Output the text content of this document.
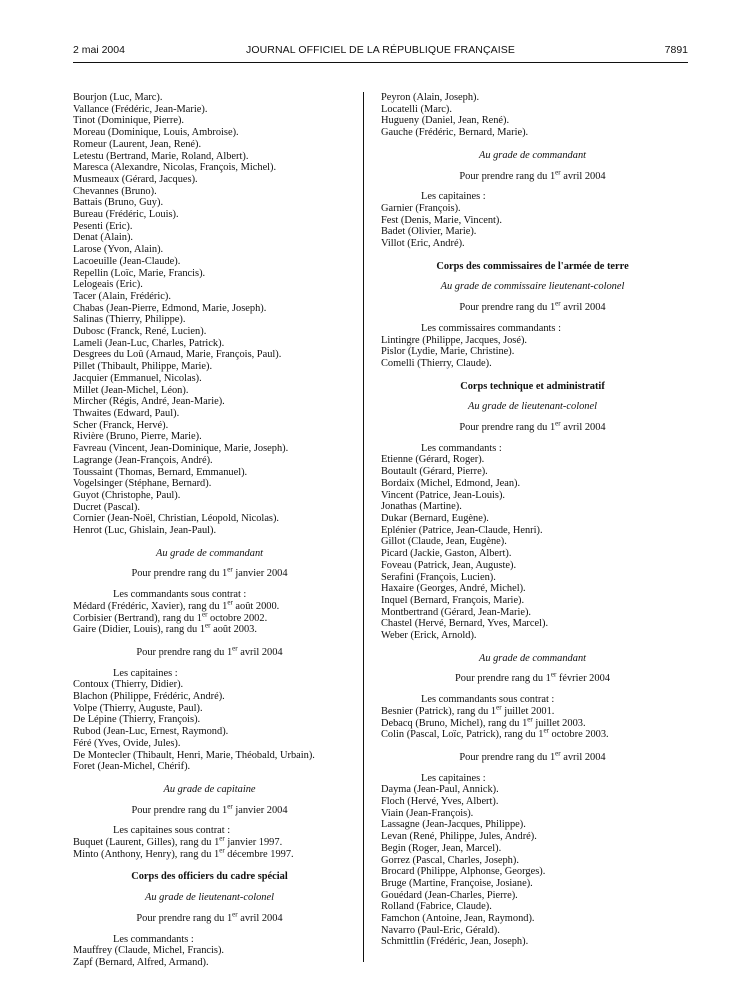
2 mai 2004	JOURNAL OFFICIEL DE LA RÉPUBLIQUE FRANÇAISE	7891
Bourjon (Luc, Marc).
Vallance (Frédéric, Jean-Marie).
Tinot (Dominique, Pierre).
Moreau (Dominique, Louis, Ambroise).
Romeur (Laurent, Jean, René).
Letestu (Bertrand, Marie, Roland, Albert).
Maresca (Alexandre, Nicolas, François, Michel).
Musmeaux (Gérard, Jacques).
Chevannes (Bruno).
Battais (Bruno, Guy).
Bureau (Frédéric, Louis).
Pesenti (Eric).
Denat (Alain).
Larose (Yvon, Alain).
Lacoeuille (Jean-Claude).
Repellin (Loïc, Marie, Francis).
Lelogeais (Eric).
Tacer (Alain, Frédéric).
Chabas (Jean-Pierre, Edmond, Marie, Joseph).
Salinas (Thierry, Philippe).
Dubosc (Franck, René, Lucien).
Lameli (Jean-Luc, Charles, Patrick).
Desgrees du Loû (Arnaud, Marie, François, Paul).
Pillet (Thibault, Philippe, Marie).
Jacquier (Emmanuel, Nicolas).
Millet (Jean-Michel, Léon).
Mircher (Régis, André, Jean-Marie).
Thwaites (Edward, Paul).
Scher (Franck, Hervé).
Rivière (Bruno, Pierre, Marie).
Favreau (Vincent, Jean-Dominique, Marie, Joseph).
Lagrange (Jean-François, André).
Toussaint (Thomas, Bernard, Emmanuel).
Vogelsinger (Stéphane, Bernard).
Guyot (Christophe, Paul).
Ducret (Pascal).
Cornier (Jean-Noël, Christian, Léopold, Nicolas).
Henrot (Luc, Ghislain, Jean-Paul).
Au grade de commandant
Pour prendre rang du 1er janvier 2004
Les commandants sous contrat :
Médard (Frédéric, Xavier), rang du 1er août 2000.
Corbisier (Bertrand), rang du 1er octobre 2002.
Gaire (Didier, Louis), rang du 1er août 2003.
Pour prendre rang du 1er avril 2004
Les capitaines :
Contoux (Thierry, Didier).
Blachon (Philippe, Frédéric, André).
Volpe (Thierry, Auguste, Paul).
De Lépine (Thierry, François).
Rubod (Jean-Luc, Ernest, Raymond).
Féré (Yves, Ovide, Jules).
De Montecler (Thibault, Henri, Marie, Théobald, Urbain).
Foret (Jean-Michel, Chérif).
Au grade de capitaine
Pour prendre rang du 1er janvier 2004
Les capitaines sous contrat :
Buquet (Laurent, Gilles), rang du 1er janvier 1997.
Minto (Anthony, Henry), rang du 1er décembre 1997.
Corps des officiers du cadre spécial
Au grade de lieutenant-colonel
Pour prendre rang du 1er avril 2004
Les commandants :
Mauffrey (Claude, Michel, Francis).
Zapf (Bernard, Alfred, Armand).
Peyron (Alain, Joseph).
Locatelli (Marc).
Hugueny (Daniel, Jean, René).
Gauche (Frédéric, Bernard, Marie).
Au grade de commandant
Pour prendre rang du 1er avril 2004
Les capitaines :
Garnier (François).
Fest (Denis, Marie, Vincent).
Badet (Olivier, Marie).
Villot (Eric, André).
Corps des commissaires de l'armée de terre
Au grade de commissaire lieutenant-colonel
Pour prendre rang du 1er avril 2004
Les commissaires commandants :
Lintingre (Philippe, Jacques, José).
Pislor (Lydie, Marie, Christine).
Comelli (Thierry, Claude).
Corps technique et administratif
Au grade de lieutenant-colonel
Pour prendre rang du 1er avril 2004
Les commandants :
Etienne (Gérard, Roger).
Boutault (Gérard, Pierre).
Bordaix (Michel, Edmond, Jean).
Vincent (Patrice, Jean-Louis).
Jonathas (Martine).
Dukar (Bernard, Eugène).
Eplénier (Patrice, Jean-Claude, Henri).
Gillot (Claude, Jean, Eugène).
Picard (Jackie, Gaston, Albert).
Foveau (Patrick, Jean, Auguste).
Serafini (François, Lucien).
Haxaire (Georges, André, Michel).
Inquel (Bernard, François, Marie).
Montbertrand (Gérard, Jean-Marie).
Chastel (Hervé, Bernard, Yves, Marcel).
Weber (Erick, Arnold).
Au grade de commandant
Pour prendre rang du 1er février 2004
Les commandants sous contrat :
Besnier (Patrick), rang du 1er juillet 2001.
Debacq (Bruno, Michel), rang du 1er juillet 2003.
Colin (Pascal, Loïc, Patrick), rang du 1er octobre 2003.
Pour prendre rang du 1er avril 2004
Les capitaines :
Dayma (Jean-Paul, Annick).
Floch (Hervé, Yves, Albert).
Viain (Jean-François).
Lassagne (Jean-Jacques, Philippe).
Levan (René, Philippe, Jules, André).
Begin (Roger, Jean, Marcel).
Gorrez (Pascal, Charles, Joseph).
Brocard (Philippe, Alphonse, Georges).
Bruge (Martine, Françoise, Josiane).
Gouédard (Jean-Charles, Pierre).
Rolland (Fabrice, Claude).
Famchon (Antoine, Jean, Raymond).
Navarro (Paul-Eric, Gérald).
Schmittlin (Frédéric, Jean, Joseph).
